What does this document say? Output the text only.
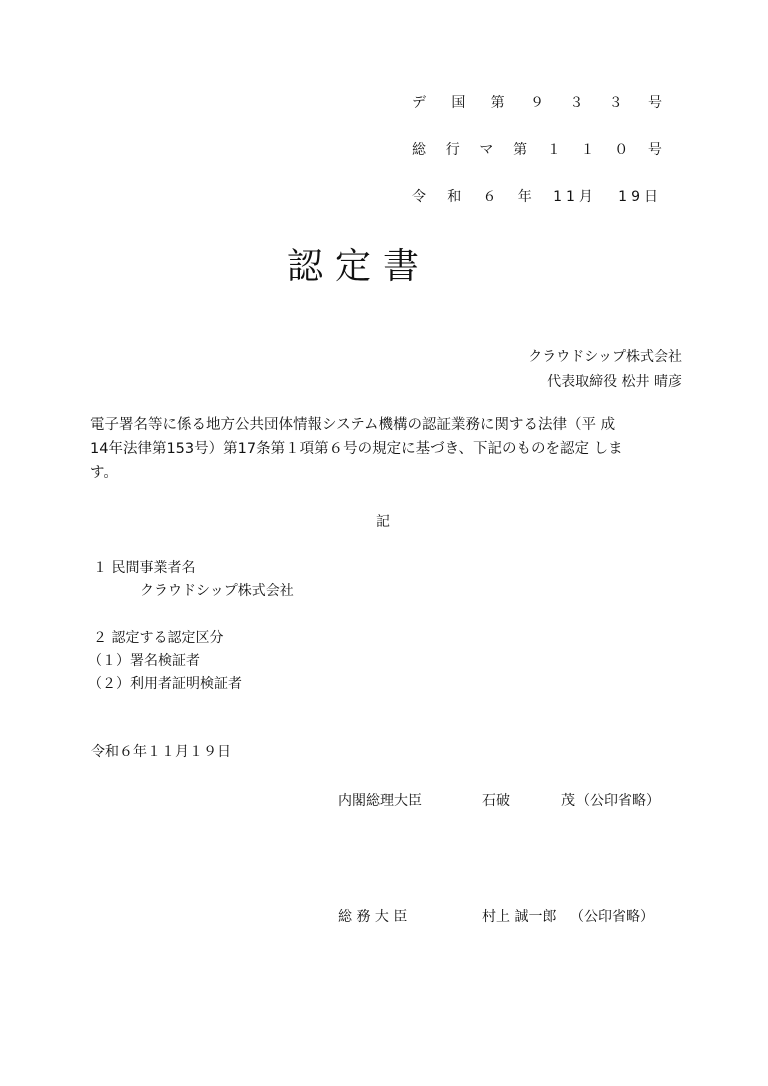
デ 国 第 ９ ３ ３ 号
総 行 マ 第 １ １ ０ 号
令 和 ６ 年 11月 19日
認定書
クラウドシップ株式会社
代表取締役 松井 晴彦
電子署名等に係る地方公共団体情報システム機構の認証業務に関する法律（平 成
14年法律第153号）第17条第１項第６号の規定に基づき、下記のものを認定 しま
す。
記
１ 民間事業者名
クラウドシップ株式会社
２ 認定する認定区分
（１）署名検証者
（２）利用者証明検証者
令和６年１１月１９日
内閣総理大臣	石破	茂 （公印省略）
総 務 大 臣	村上 誠一郎 （公印省略）
